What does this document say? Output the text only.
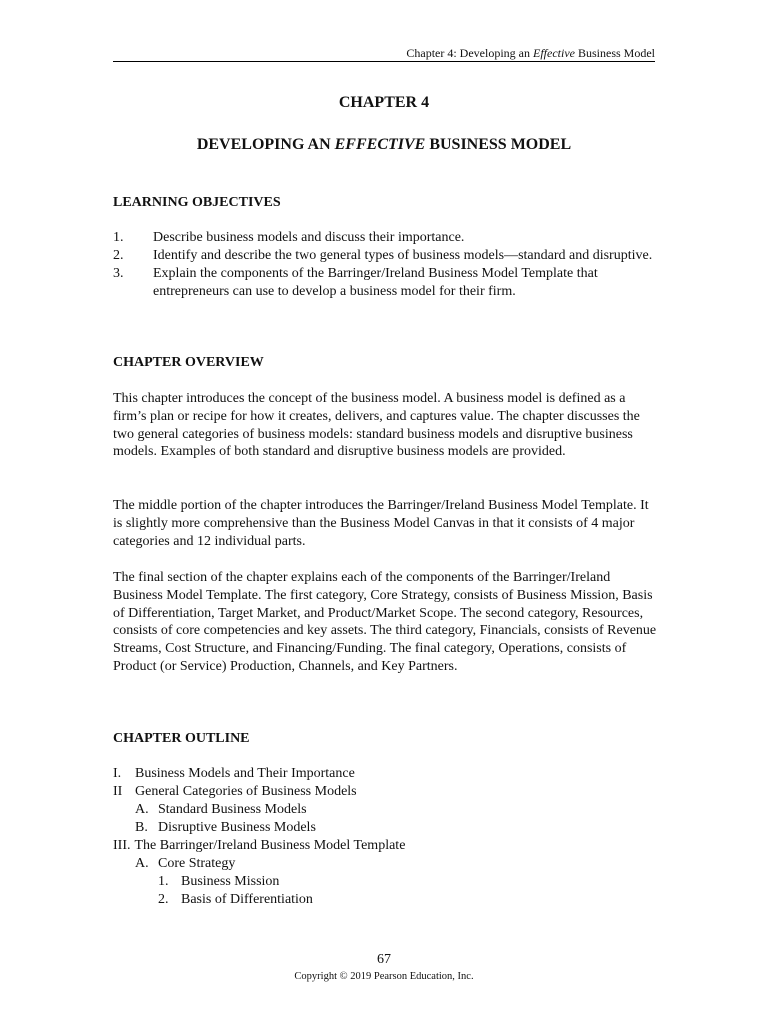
Chapter 4: Developing an Effective Business Model
CHAPTER 4
DEVELOPING AN EFFECTIVE BUSINESS MODEL
LEARNING OBJECTIVES
1.	Describe business models and discuss their importance.
2.	Identify and describe the two general types of business models—standard and disruptive.
3.	Explain the components of the Barringer/Ireland Business Model Template that entrepreneurs can use to develop a business model for their firm.
CHAPTER OVERVIEW

This chapter introduces the concept of the business model. A business model is defined as a firm’s plan or recipe for how it creates, delivers, and captures value. The chapter discusses the two general categories of business models: standard business models and disruptive business models. Examples of both standard and disruptive business models are provided.

The middle portion of the chapter introduces the Barringer/Ireland Business Model Template. It is slightly more comprehensive than the Business Model Canvas in that it consists of 4 major categories and 12 individual parts.

The final section of the chapter explains each of the components of the Barringer/Ireland Business Model Template. The first category, Core Strategy, consists of Business Mission, Basis of Differentiation, Target Market, and Product/Market Scope. The second category, Resources, consists of core competencies and key assets. The third category, Financials, consists of Revenue Streams, Cost Structure, and Financing/Funding. The final category, Operations, consists of Product (or Service) Production, Channels, and Key Partners.

CHAPTER OUTLINE
I. Business Models and Their Importance
II General Categories of Business Models
A. Standard Business Models
B. Disruptive Business Models
III. The Barringer/Ireland Business Model Template
A. Core Strategy
1. Business Mission
2. Basis of Differentiation
67
Copyright © 2019 Pearson Education, Inc.
